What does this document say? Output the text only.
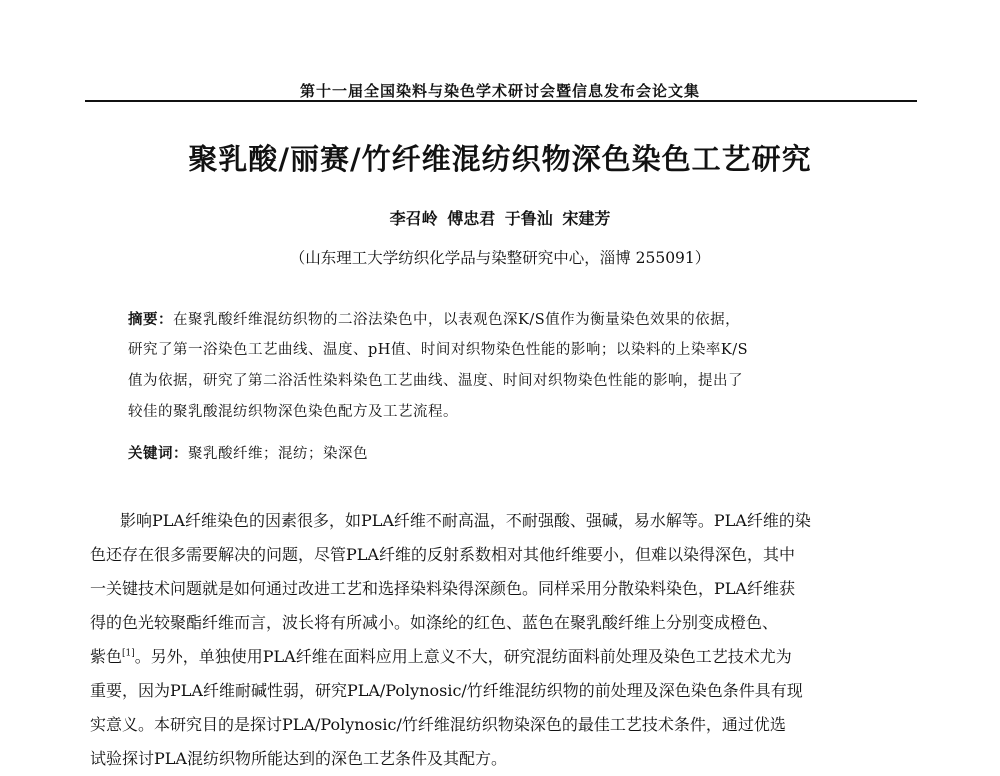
第十一届全国染料与染色学术研讨会暨信息发布会论文集
聚乳酸/丽赛/竹纤维混纺织物深色染色工艺研究
李召岭 傅忠君 于鲁汕 宋建芳
（山东理工大学纺织化学品与染整研究中心，淄博 255091）
摘要：在聚乳酸纤维混纺织物的二浴法染色中，以表观色深K/S值作为衡量染色效果的依据，
研究了第一浴染色工艺曲线、温度、pH值、时间对织物染色性能的影响；以染料的上染率K/S
值为依据，研究了第二浴活性染料染色工艺曲线、温度、时间对织物染色性能的影响，提出了
较佳的聚乳酸混纺织物深色染色配方及工艺流程。
关键词：聚乳酸纤维；混纺；染深色
影响PLA纤维染色的因素很多，如PLA纤维不耐高温，不耐强酸、强碱，易水解等。PLA纤维的染
色还存在很多需要解决的问题，尽管PLA纤维的反射系数相对其他纤维要小，但难以染得深色，其中
一关键技术问题就是如何通过改进工艺和选择染料染得深颜色。同样采用分散染料染色，PLA纤维获
得的色光较聚酯纤维而言，波长将有所减小。如涤纶的红色、蓝色在聚乳酸纤维上分别变成橙色、
紫色[1]。另外，单独使用PLA纤维在面料应用上意义不大，研究混纺面料前处理及染色工艺技术尤为
重要，因为PLA纤维耐碱性弱，研究PLA/Polynosic/竹纤维混纺织物的前处理及深色染色条件具有现
实意义。本研究目的是探讨PLA/Polynosic/竹纤维混纺织物染深色的最佳工艺技术条件，通过优选
试验探讨PLA混纺织物所能达到的深色工艺条件及其配方。
